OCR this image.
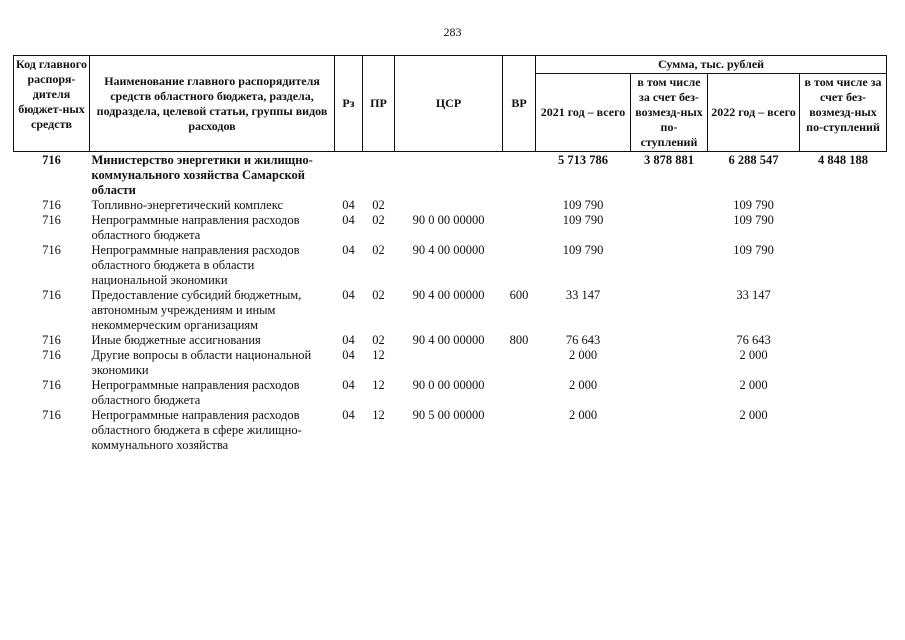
283
Код главного распоря-дителя бюджет-ных средств	Наименование главного распорядителя средств областного бюджета, раздела, подраздела, целевой статьи, группы видов расходов	Рз	ПР	ЦСР	ВР	Сумма, тыс. рублей			
						2021 год – всего	в том числе за счет без-возмезд-ных по-ступлений	2022 год – всего	в том числе за счет без-возмезд-ных по-ступлений
716	Министерство энергетики и жилищно-коммунального хозяйства Самарской области					5 713 786	3 878 881	6 288 547	4 848 188
716	Топливно-энергетический комплекс	04	02			109 790		109 790	
716	Непрограммные направления расходов областного бюджета	04	02	90 0 00 00000		109 790		109 790	
716	Непрограммные направления расходов областного бюджета в области национальной экономики	04	02	90 4 00 00000		109 790		109 790	
716	Предоставление субсидий бюджетным, автономным учреждениям и иным некоммерческим организациям	04	02	90 4 00 00000	600	33 147		33 147	
716	Иные бюджетные ассигнования	04	02	90 4 00 00000	800	76 643		76 643	
716	Другие вопросы в области национальной экономики	04	12			2 000		2 000	
716	Непрограммные направления расходов областного бюджета	04	12	90 0 00 00000		2 000		2 000	
716	Непрограммные направления расходов областного бюджета в сфере жилищно-коммунального хозяйства	04	12	90 5 00 00000		2 000		2 000	
